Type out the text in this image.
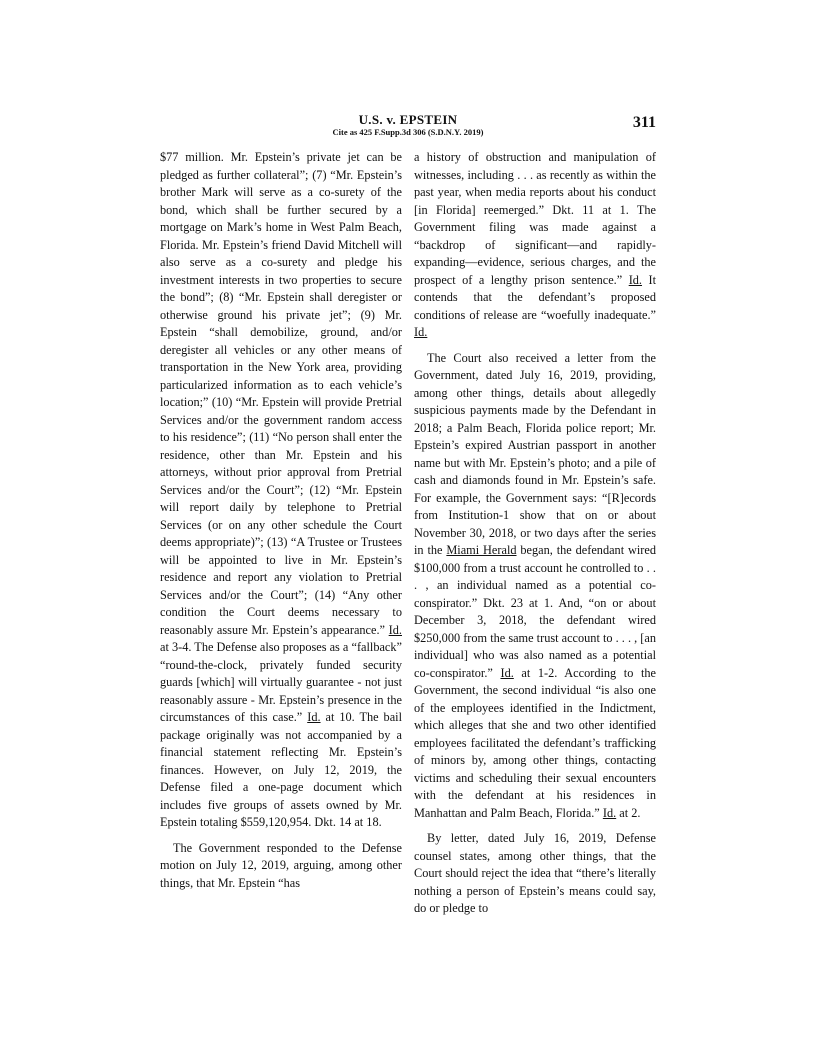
U.S. v. EPSTEIN
Cite as 425 F.Supp.3d 306 (S.D.N.Y. 2019)
311

$77 million. Mr. Epstein’s private jet can be pledged as further collateral”; (7) “Mr. Epstein’s brother Mark will serve as a co-surety of the bond, which shall be further secured by a mortgage on Mark’s home in West Palm Beach, Florida. Mr. Epstein’s friend David Mitchell will also serve as a co-surety and pledge his investment interests in two properties to secure the bond”; (8) “Mr. Epstein shall deregister or otherwise ground his private jet”; (9) Mr. Epstein “shall demobilize, ground, and/or deregister all vehicles or any other means of transportation in the New York area, providing particularized information as to each vehicle’s location;” (10) “Mr. Epstein will provide Pretrial Services and/or the government random access to his residence”; (11) “No person shall enter the residence, other than Mr. Epstein and his attorneys, without prior approval from Pretrial Services and/or the Court”; (12) “Mr. Epstein will report daily by telephone to Pretrial Services (or on any other schedule the Court deems appropriate)”; (13) “A Trustee or Trustees will be appointed to live in Mr. Epstein’s residence and report any violation to Pretrial Services and/or the Court”; (14) “Any other condition the Court deems necessary to reasonably assure Mr. Epstein’s appearance.” Id. at 3-4. The Defense also proposes as a “fallback” “round-the-clock, privately funded security guards [which] will virtually guarantee - not just reasonably assure - Mr. Epstein’s presence in the circumstances of this case.” Id. at 10. The bail package originally was not accompanied by a financial statement reflecting Mr. Epstein’s finances. However, on July 12, 2019, the Defense filed a one-page document which includes five groups of assets owned by Mr. Epstein totaling $559,120,954. Dkt. 14 at 18.

The Government responded to the Defense motion on July 12, 2019, arguing, among other things, that Mr. Epstein “has

a history of obstruction and manipulation of witnesses, including . . . as recently as within the past year, when media reports about his conduct [in Florida] reemerged.” Dkt. 11 at 1. The Government filing was made against a “backdrop of significant—and rapidly-expanding—evidence, serious charges, and the prospect of a lengthy prison sentence.” Id. It contends that the defendant’s proposed conditions of release are “woefully inadequate.” Id.

The Court also received a letter from the Government, dated July 16, 2019, providing, among other things, details about allegedly suspicious payments made by the Defendant in 2018; a Palm Beach, Florida police report; Mr. Epstein’s expired Austrian passport in another name but with Mr. Epstein’s photo; and a pile of cash and diamonds found in Mr. Epstein’s safe. For example, the Government says: “[R]ecords from Institution-1 show that on or about November 30, 2018, or two days after the series in the Miami Herald began, the defendant wired $100,000 from a trust account he controlled to . . . , an individual named as a potential co-conspirator.” Dkt. 23 at 1. And, “on or about December 3, 2018, the defendant wired $250,000 from the same trust account to . . . , [an individual] who was also named as a potential co-conspirator.” Id. at 1-2. According to the Government, the second individual “is also one of the employees identified in the Indictment, which alleges that she and two other identified employees facilitated the defendant’s trafficking of minors by, among other things, contacting victims and scheduling their sexual encounters with the defendant at his residences in Manhattan and Palm Beach, Florida.” Id. at 2.

By letter, dated July 16, 2019, Defense counsel states, among other things, that the Court should reject the idea that “there’s literally nothing a person of Epstein’s means could say, do or pledge to
